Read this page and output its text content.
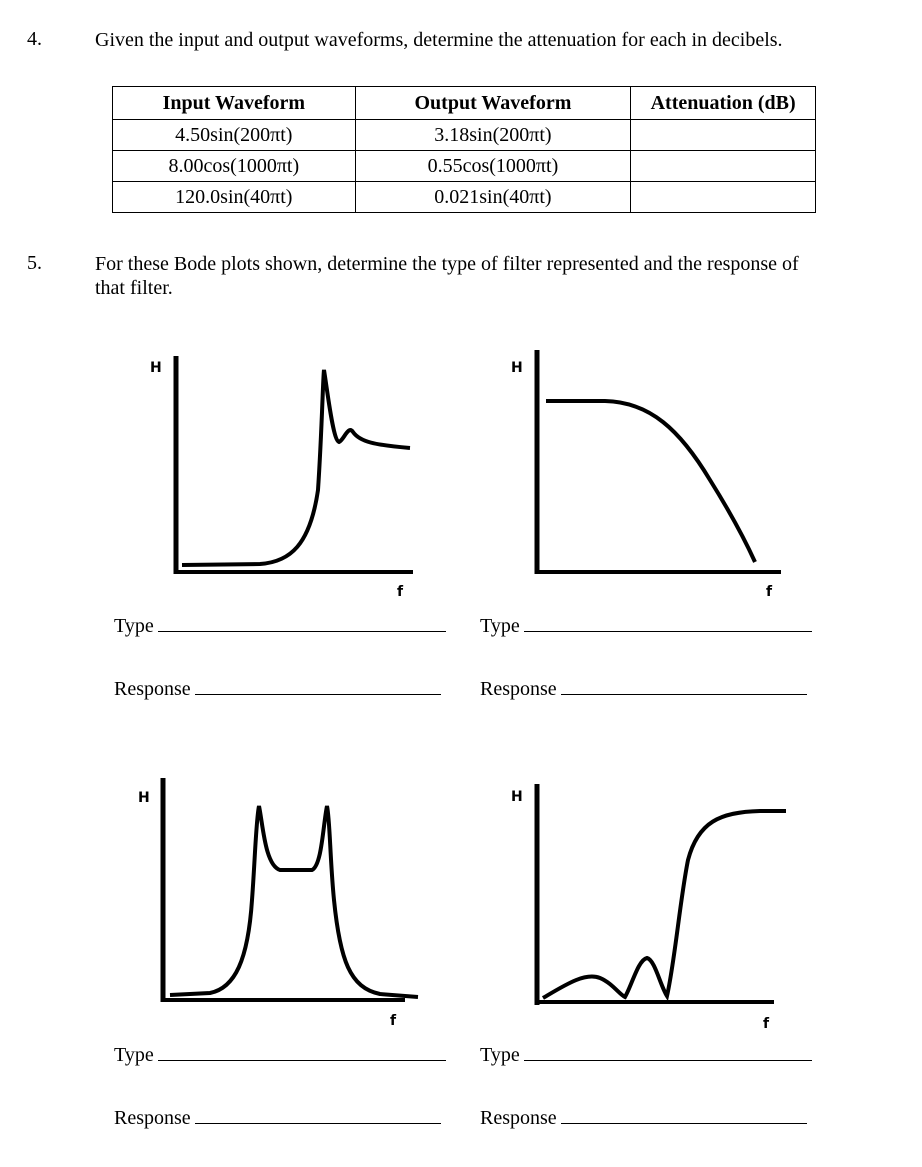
4.	Given the input and output waveforms, determine the attenuation for each in decibels.
Input Waveform	Output Waveform	Attenuation (dB)
4.50sin(200πt)	3.18sin(200πt)	
8.00cos(1000πt)	0.55cos(1000πt)	
120.0sin(40πt)	0.021sin(40πt)	
5.	For these Bode plots shown, determine the type of filter represented and the response of
that filter.
H
f
H
f
H
f
H
f
Type	Type
Response	Response
Type	Type
Response	Response
